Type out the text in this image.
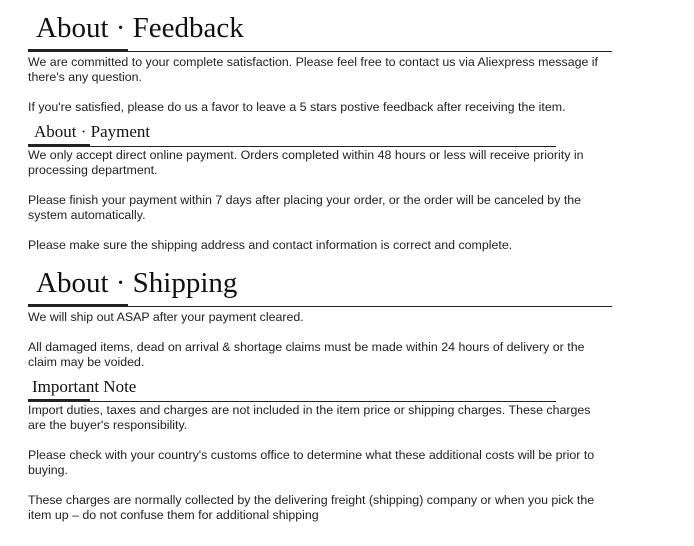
About · Feedback

We are committed to your complete satisfaction. Please feel free to contact us via Aliexpress message if
there's any question.

If you're satisfied, please do us a favor to leave a 5 stars postive feedback after receiving the item.

About · Payment

We only accept direct online payment. Orders completed within 48 hours or less will receive priority in
processing department.

Please finish your payment within 7 days after placing your order, or the order will be canceled by the
system automatically.

Please make sure the shipping address and contact information is correct and complete.

About · Shipping

We will ship out ASAP after your payment cleared.

All damaged items, dead on arrival & shortage claims must be made within 24 hours of delivery or the
claim may be voided.

Important Note

Import duties, taxes and charges are not included in the item price or shipping charges. These charges
are the buyer's responsibility.

Please check with your country's customs office to determine what these additional costs will be prior to
buying.

These charges are normally collected by the delivering freight (shipping) company or when you pick the
item up – do not confuse them for additional shipping
